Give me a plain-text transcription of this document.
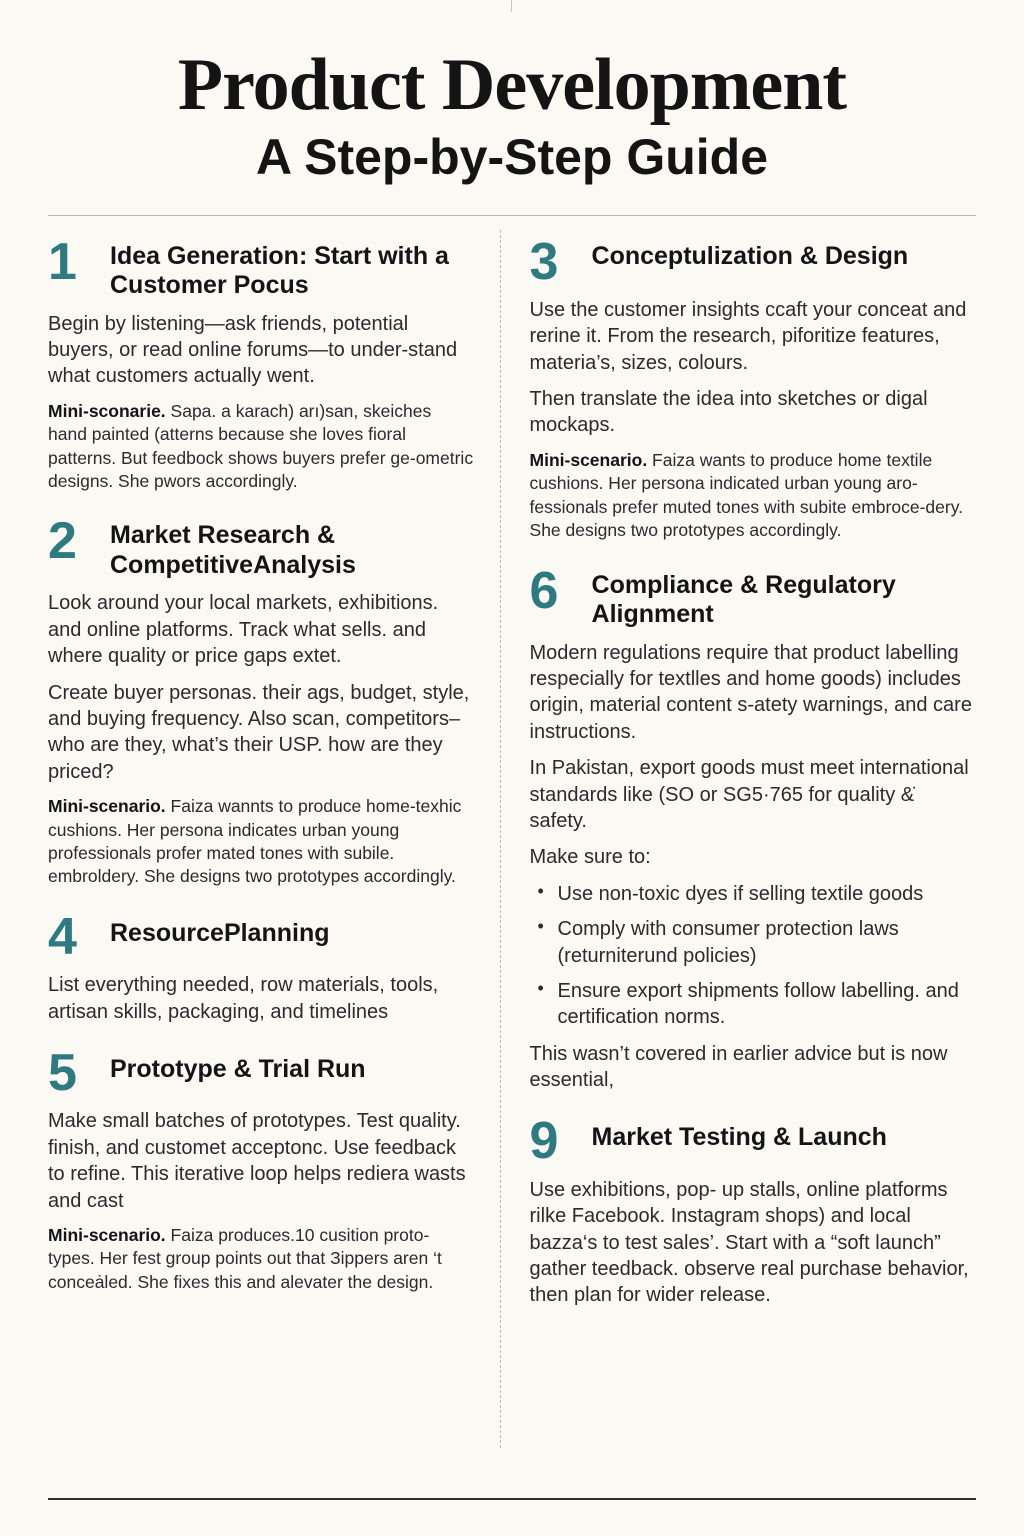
Product Development
A Step-by-Step Guide
1	Idea Generation: Start with a Customer Pocus

Begin by listening—ask friends, potential buyers, or read online forums—to under-stand what customers actually went.

Mini-sconarie. Sapa. a karach) arı)san, skeiches hand painted (atterns because she loves fioral patterns. But feedbock shows buyers prefer ge-ometric designs. She pwors accordingly.

2	Market Research & CompetitiveAnalysis

Look around your local markets, exhibitions. and online platforms. Track what sells. and where quality or price gaps extet.

Create buyer personas. their ags, budget, style, and buying frequency. Also scan, competitors– who are they, what’s their USP. how are they priced?

Mini-scenario. Faiza wannts to produce home-texhic cushions. Her persona indicates urban young professionals profer mated tones with subile. embroldery. She designs two prototypes accordingly.

4	ResourcePlanning

List everything needed, row materials, tools, artisan skills, packaging, and timelines

5	Prototype & Trial Run

Make small batches of prototypes. Test quality. finish, and customet acceptonc. Use feedback to refine. This iterative loop helps rediera wasts and cast

Mini-scenario. Faiza produces.10 cusition proto-types. Her fest group points out that Зippers aren ‘t conceȧled. She fixes this and alevater the design.

3	Conceptulization & Design

Use the customer insights ccaft your conceat and rerine it. From the research, piforitize features, materia’s, sizes, colours.

Then translate the idea into sketches or digal mockaps.

Mini-scenario. Faiza wants to produce home textile cushions. Her persona indicated urban young aro-fessionals prefer muted tones with subite embroce-dery. She designs two prototypes accordingly.

6	Compliance & Regulatory Alignment

Modern regulations require that product labelling respecially for textlles and home goods) includes origin, material content s-atety warnings, and care instructions.

In Pakistan, export goods must meet international standards like (SO or SG5·765 for quality &̇ safety.

Make sure to:

• Use non-toxic dyes if selling textile goods
• Comply with consumer protection laws (returniterund policies)
• Ensure export shipments follow labelling. and certification norms.

This wasn’t covered in earlier advice but is now essential,

9	Market Testing & Launch

Use exhibitions, pop- up stalls, online platforms rilke Facebook. Instagram shops) and local bazza‘s to test sales’. Start with a “soft launch” gather teedback. observe real purchase behavior, then plan for wider release.
